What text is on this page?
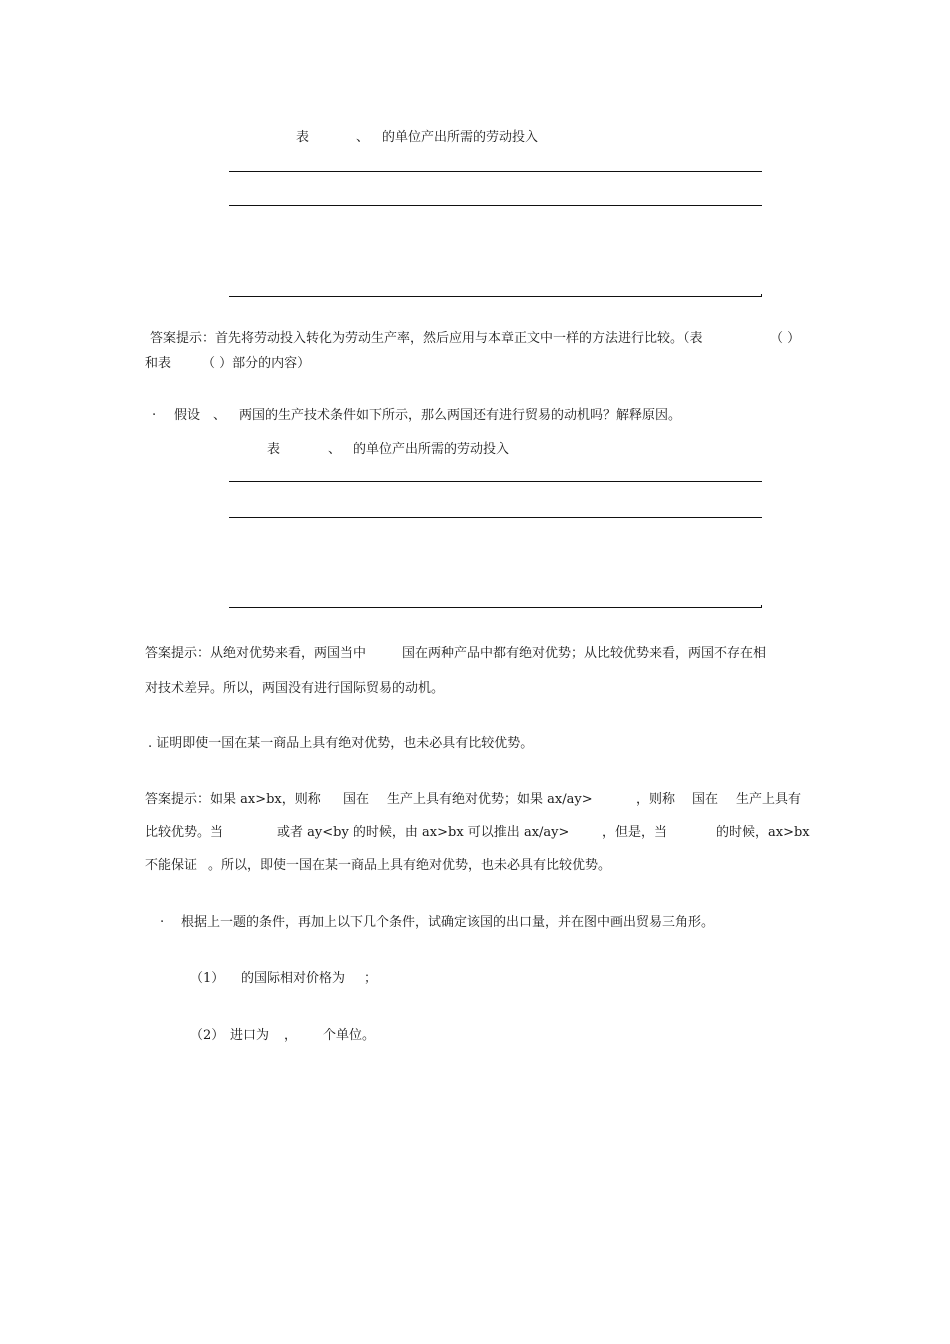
表	、 的单位产出所需的劳动投入
答案提示：首先将劳动投入转化为劳动生产率，然后应用与本章正文中一样的方法进行比较。（表	（ ）
和表 （ ）部分的内容）
. 假设 、 两国的生产技术条件如下所示，那么两国还有进行贸易的动机吗？解释原因。
表	、 的单位产出所需的劳动投入
答案提示：从绝对优势来看，两国当中	国在两种产品中都有绝对优势；从比较优势来看，两国不存在相
对技术差异。所以，两国没有进行国际贸易的动机。
. 证明即使一国在某一商品上具有绝对优势，也未必具有比较优势。
答案提示：如果 ax>bx，则称 国在 生产上具有绝对优势；如果 ax/ay>	，则称 国在 生产上具有
比较优势。当	或者 ay<by 的时候，由 ax>bx 可以推出 ax/ay>	，但是，当	的时候，ax>bx
不能保证 。所以，即使一国在某一商品上具有绝对优势，也未必具有比较优势。
. 根据上一题的条件，再加上以下几个条件，试确定该国的出口量，并在图中画出贸易三角形。
（1） 的国际相对价格为 ；
（2） 进口为 ， 个单位。
